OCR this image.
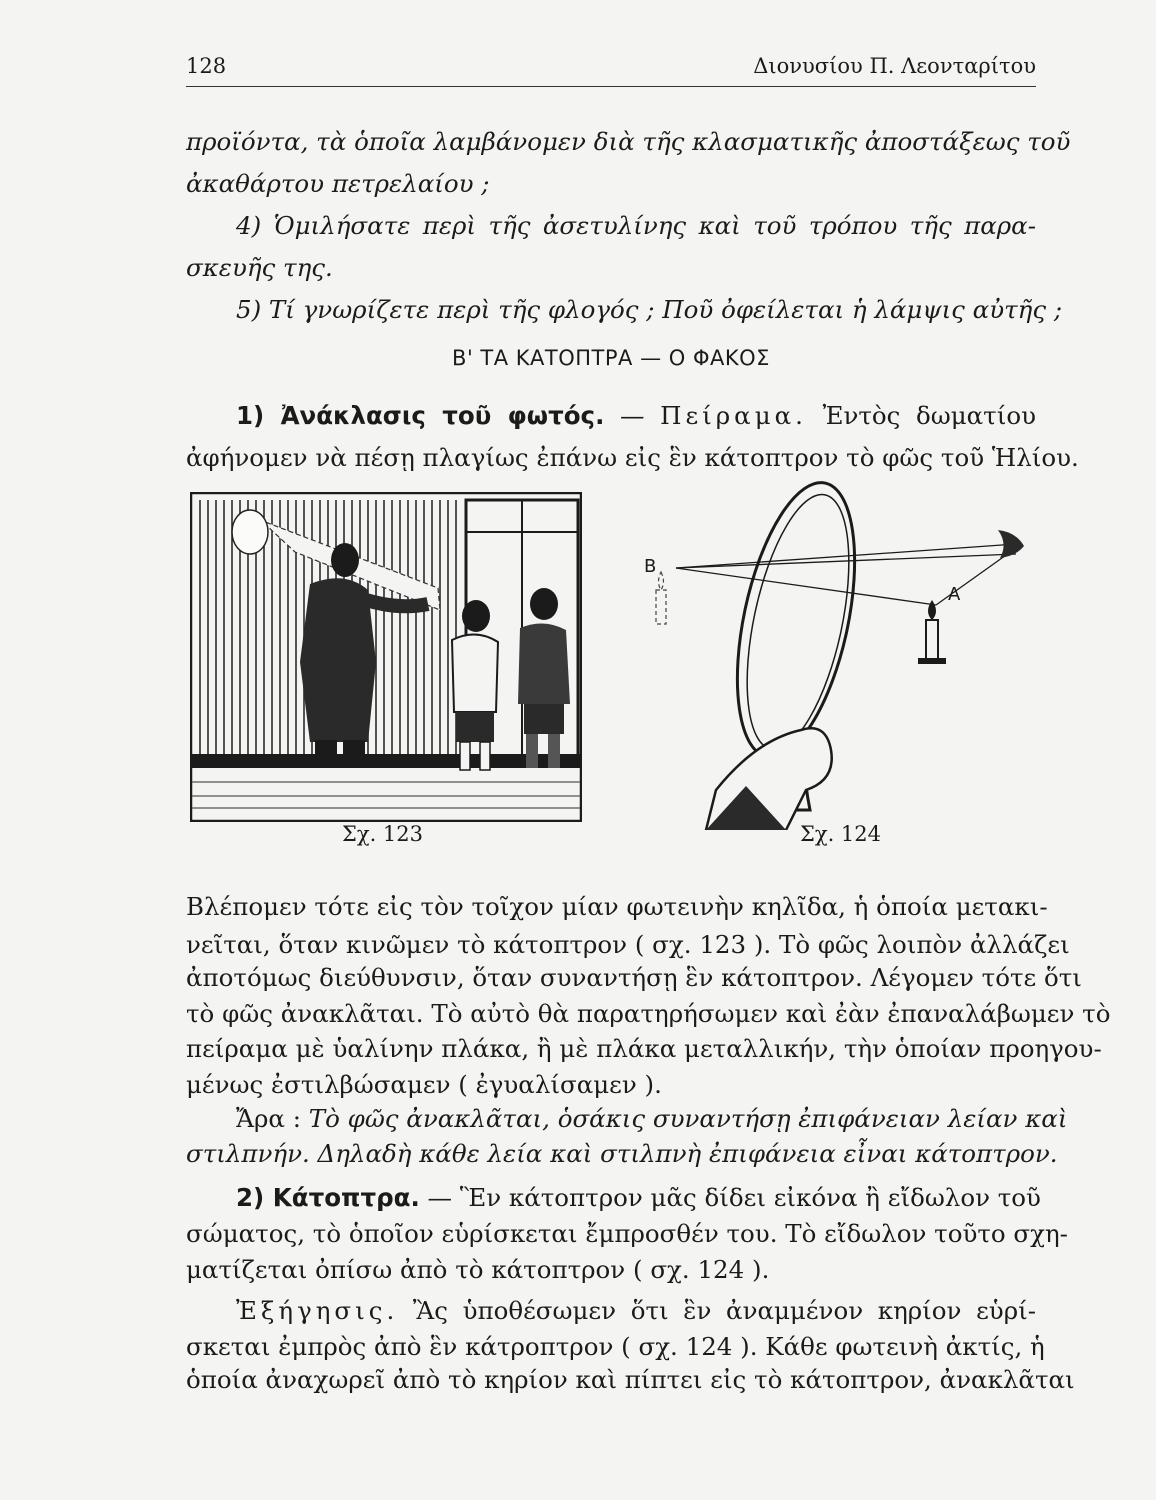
128	Διονυσίου Π. Λεονταρίτου
προϊόντα, τὰ ὁποῖα λαμβάνομεν διὰ τῆς κλασματικῆς ἀποστάξεως τοῦ
ἀκαθάρτου πετρελαίου ;
4) Ὁμιλήσατε περὶ τῆς ἀσετυλίνης καὶ τοῦ τρόπου τῆς παρα-
σκευῆς της.
5) Τί γνωρίζετε περὶ τῆς φλογός ; Ποῦ ὀφείλεται ἡ λάμψις αὐτῆς ;
Β' ΤΑ ΚΑΤΟΠΤΡΑ — Ο ΦΑΚΟΣ
1) Ἀνάκλασις τοῦ φωτός. — Πείραμα. Ἐντὸς δωματίου
ἀφήνομεν νὰ πέσῃ πλαγίως ἐπάνω εἰς ἓν κάτοπτρον τὸ φῶς τοῦ Ἡλίου.
B
A
Σχ. 123	Σχ. 124
Βλέπομεν τότε εἰς τὸν τοῖχον μίαν φωτεινὴν κηλῖδα, ἡ ὁποία μετακι-
νεῖται, ὅταν κινῶμεν τὸ κάτοπτρον ( σχ. 123 ). Τὸ φῶς λοιπὸν ἀλλάζει
ἀποτόμως διεύθυνσιν, ὅταν συναντήσῃ ἓν κάτοπτρον. Λέγομεν τότε ὅτι
τὸ φῶς ἀνακλᾶται. Τὸ αὐτὸ θὰ παρατηρήσωμεν καὶ ἐὰν ἐπαναλάβωμεν τὸ
πείραμα μὲ ὑαλίνην πλάκα, ἢ μὲ πλάκα μεταλλικήν, τὴν ὁποίαν προηγου-
μένως ἐστιλβώσαμεν ( ἐγυαλίσαμεν ).
Ἄρα : Τὸ φῶς ἀνακλᾶται, ὁσάκις συναντήσῃ ἐπιφάνειαν λείαν καὶ
στιλπνήν. Δηλαδὴ κάθε λεία καὶ στιλπνὴ ἐπιφάνεια εἶναι κάτοπτρον.
2) Κάτοπτρα. — Ἓν κάτοπτρον μᾶς δίδει εἰκόνα ἢ εἴδωλον τοῦ
σώματος, τὸ ὁποῖον εὑρίσκεται ἔμπροσθέν του. Τὸ εἴδωλον τοῦτο σχη-
ματίζεται ὀπίσω ἀπὸ τὸ κάτοπτρον ( σχ. 124 ).
Ἐξήγησις. Ἂς ὑποθέσωμεν ὅτι ἓν ἀναμμένον κηρίον εὑρί-
σκεται ἐμπρὸς ἀπὸ ἓν κάτροπτρον ( σχ. 124 ). Κάθε φωτεινὴ ἀκτίς, ἡ
ὁποία ἀναχωρεῖ ἀπὸ τὸ κηρίον καὶ πίπτει εἰς τὸ κάτοπτρον, ἀνακλᾶται
